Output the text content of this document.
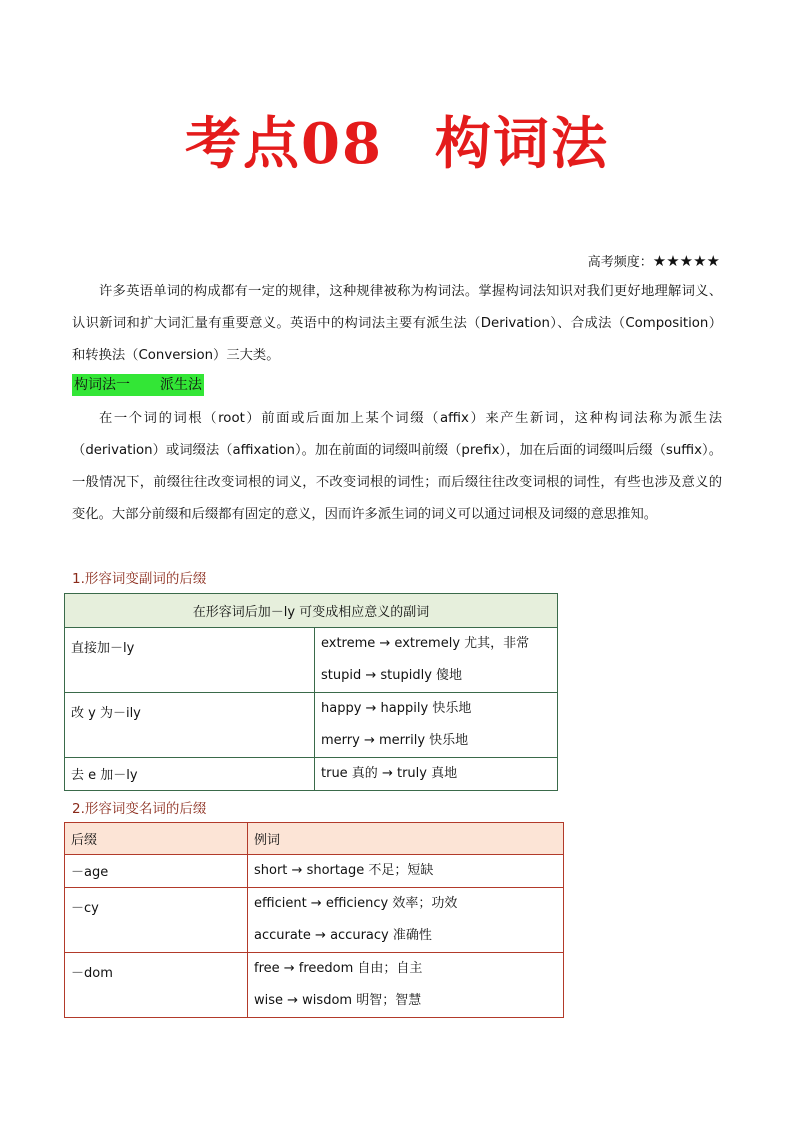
考点08 构词法
高考频度：★★★★★
许多英语单词的构成都有一定的规律，这种规律被称为构词法。掌握构词法知识对我们更好地理解词义、认识新词和扩大词汇量有重要意义。英语中的构词法主要有派生法（Derivation）、合成法（Composition）和转换法（Conversion）三大类。
构词法一 派生法
在一个词的词根（root）前面或后面加上某个词缀（affix）来产生新词，这种构词法称为派生法（derivation）或词缀法（affixation）。加在前面的词缀叫前缀（prefix），加在后面的词缀叫后缀（suffix）。一般情况下，前缀往往改变词根的词义，不改变词根的词性；而后缀往往改变词根的词性，有些也涉及意义的变化。大部分前缀和后缀都有固定的意义，因而许多派生词的词义可以通过词根及词缀的意思推知。
1.形容词变副词的后缀
在形容词后加－ly 可变成相应意义的副词	
直接加－ly	extreme → extremely 尤其，非常
stupid → stupidly 傻地

改 y 为－ily	happy → happily 快乐地
merry → merrily 快乐地

去 e 加－ly	true 真的 → truly 真地
2.形容词变名词的后缀
后缀	例词
－age	short → shortage 不足；短缺

－cy	efficient → efficiency 效率；功效
accurate → accuracy 准确性

－dom	free → freedom 自由；自主
wise → wisdom 明智；智慧
